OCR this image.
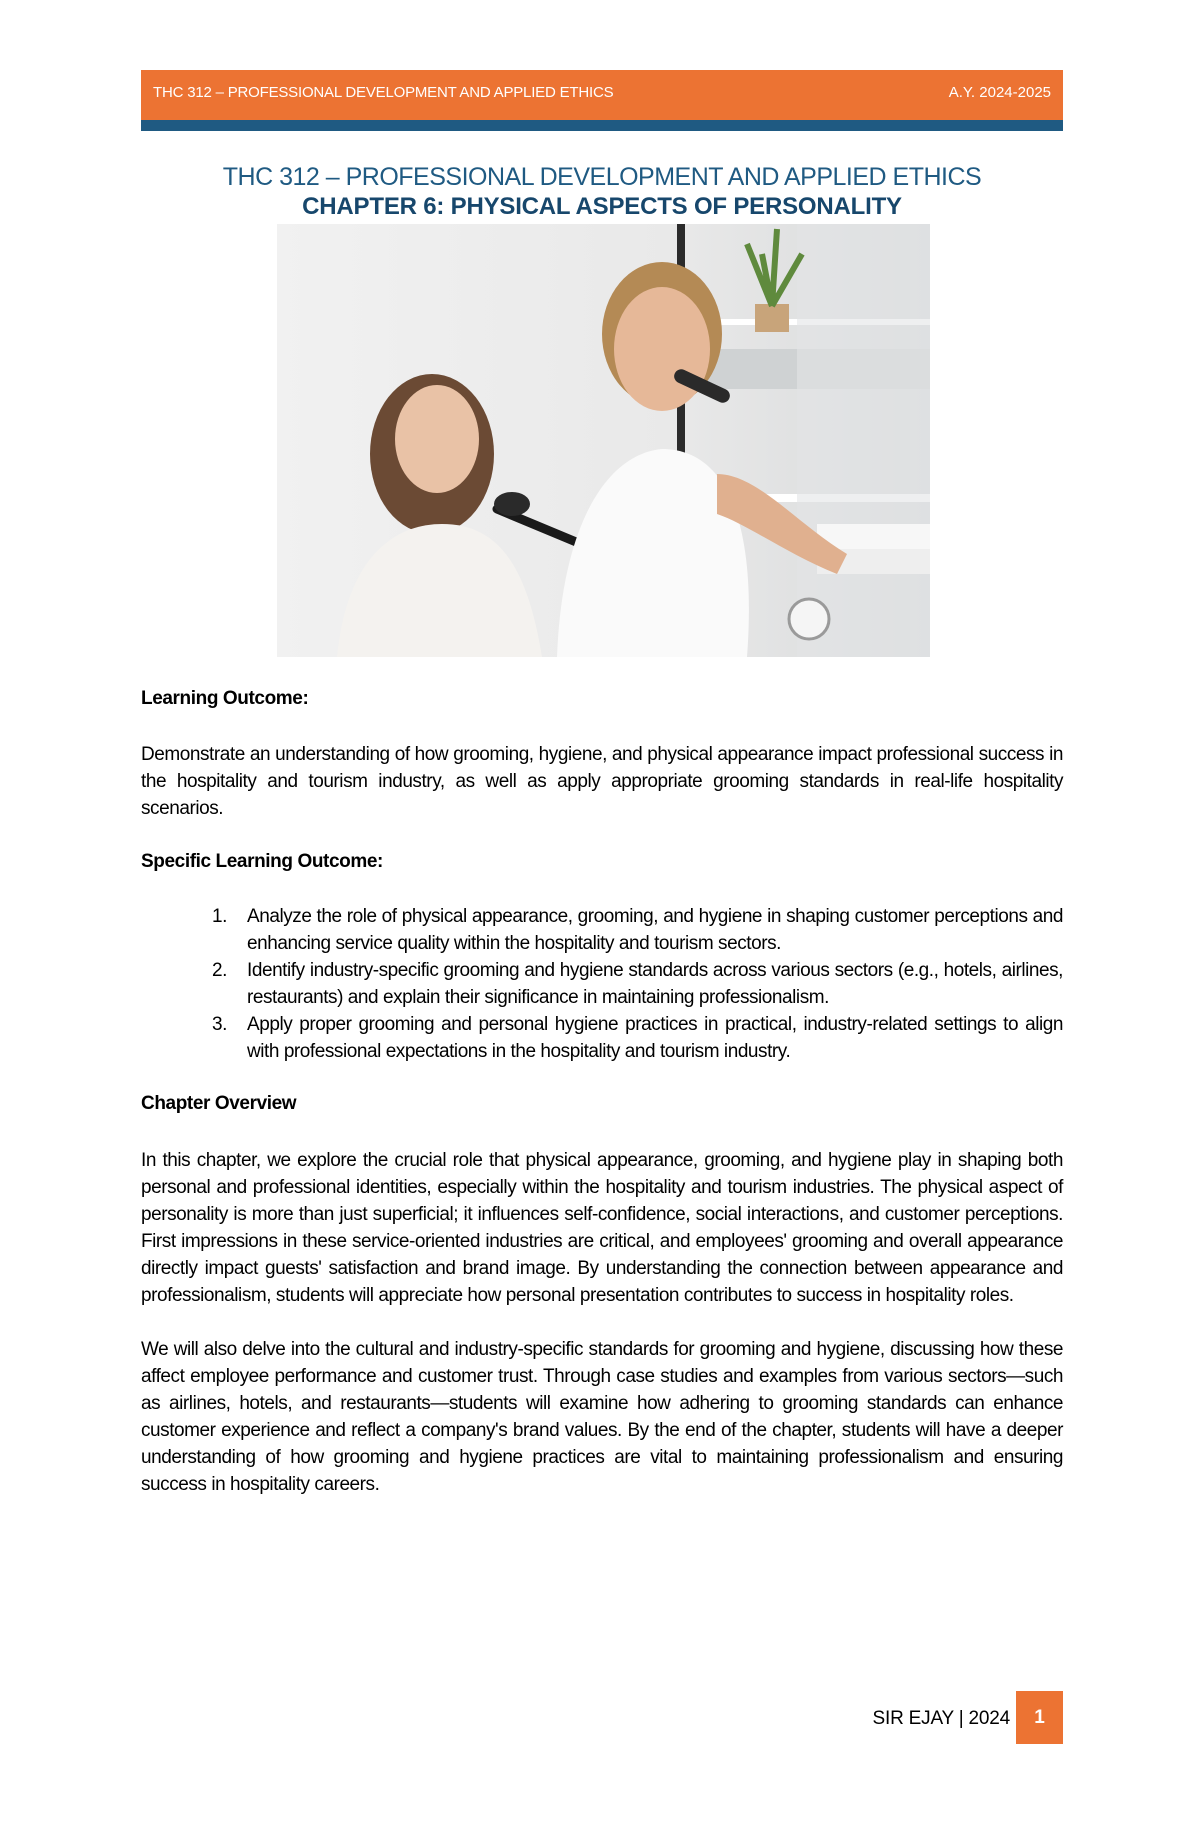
THC 312 – PROFESSIONAL DEVELOPMENT AND APPLIED ETHICS	A.Y. 2024-2025
THC 312 – PROFESSIONAL DEVELOPMENT AND APPLIED ETHICS
CHAPTER 6: PHYSICAL ASPECTS OF PERSONALITY
Learning Outcome:
Demonstrate an understanding of how grooming, hygiene, and physical appearance impact professional success in the hospitality and tourism industry, as well as apply appropriate grooming standards in real-life hospitality scenarios.
Specific Learning Outcome:
1. Analyze the role of physical appearance, grooming, and hygiene in shaping customer perceptions and enhancing service quality within the hospitality and tourism sectors.
2. Identify industry-specific grooming and hygiene standards across various sectors (e.g., hotels, airlines, restaurants) and explain their significance in maintaining professionalism.
3. Apply proper grooming and personal hygiene practices in practical, industry-related settings to align with professional expectations in the hospitality and tourism industry.
Chapter Overview
In this chapter, we explore the crucial role that physical appearance, grooming, and hygiene play in shaping both personal and professional identities, especially within the hospitality and tourism industries. The physical aspect of personality is more than just superficial; it influences self-confidence, social interactions, and customer perceptions. First impressions in these service-oriented industries are critical, and employees' grooming and overall appearance directly impact guests' satisfaction and brand image. By understanding the connection between appearance and professionalism, students will appreciate how personal presentation contributes to success in hospitality roles.
We will also delve into the cultural and industry-specific standards for grooming and hygiene, discussing how these affect employee performance and customer trust. Through case studies and examples from various sectors—such as airlines, hotels, and restaurants—students will examine how adhering to grooming standards can enhance customer experience and reflect a company's brand values. By the end of the chapter, students will have a deeper understanding of how grooming and hygiene practices are vital to maintaining professionalism and ensuring success in hospitality careers.
SIR EJAY | 2024	1
